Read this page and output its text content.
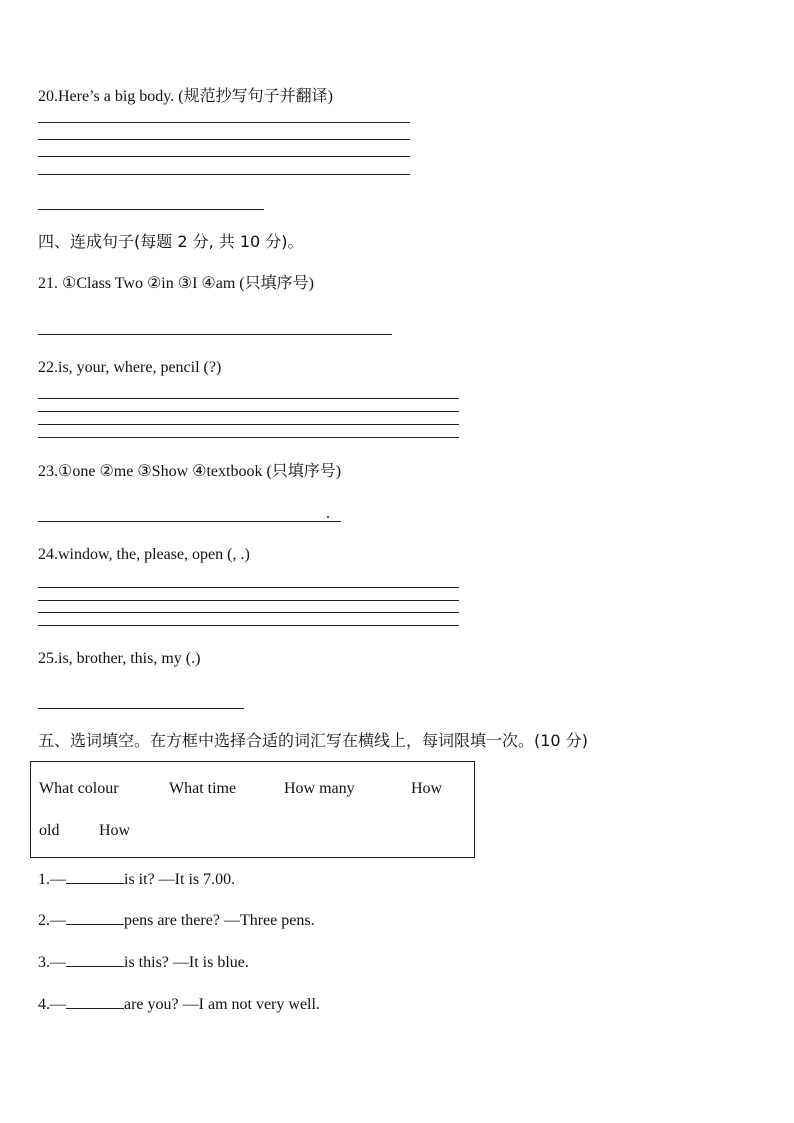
20.Here’s a big body. (规范抄写句子并翻译)
四、连成句子(每题 2 分, 共 10 分)。
21. ①Class Two ②in ③I ④am (只填序号)
22.is, your, where, pencil (?)
23.①one ②me ③Show ④textbook (只填序号)
.
24.window, the, please, open (, .)
25.is, brother, this, my (.)
五、选词填空。在方框中选择合适的词汇写在横线上，每词限填一次。(10 分)
What colour	What time	How many	How
old How
1.—	is it? —It is 7.00.
2.—	pens are there? —Three pens.
3.—	is this? —It is blue.
4.—	are you? —I am not very well.
